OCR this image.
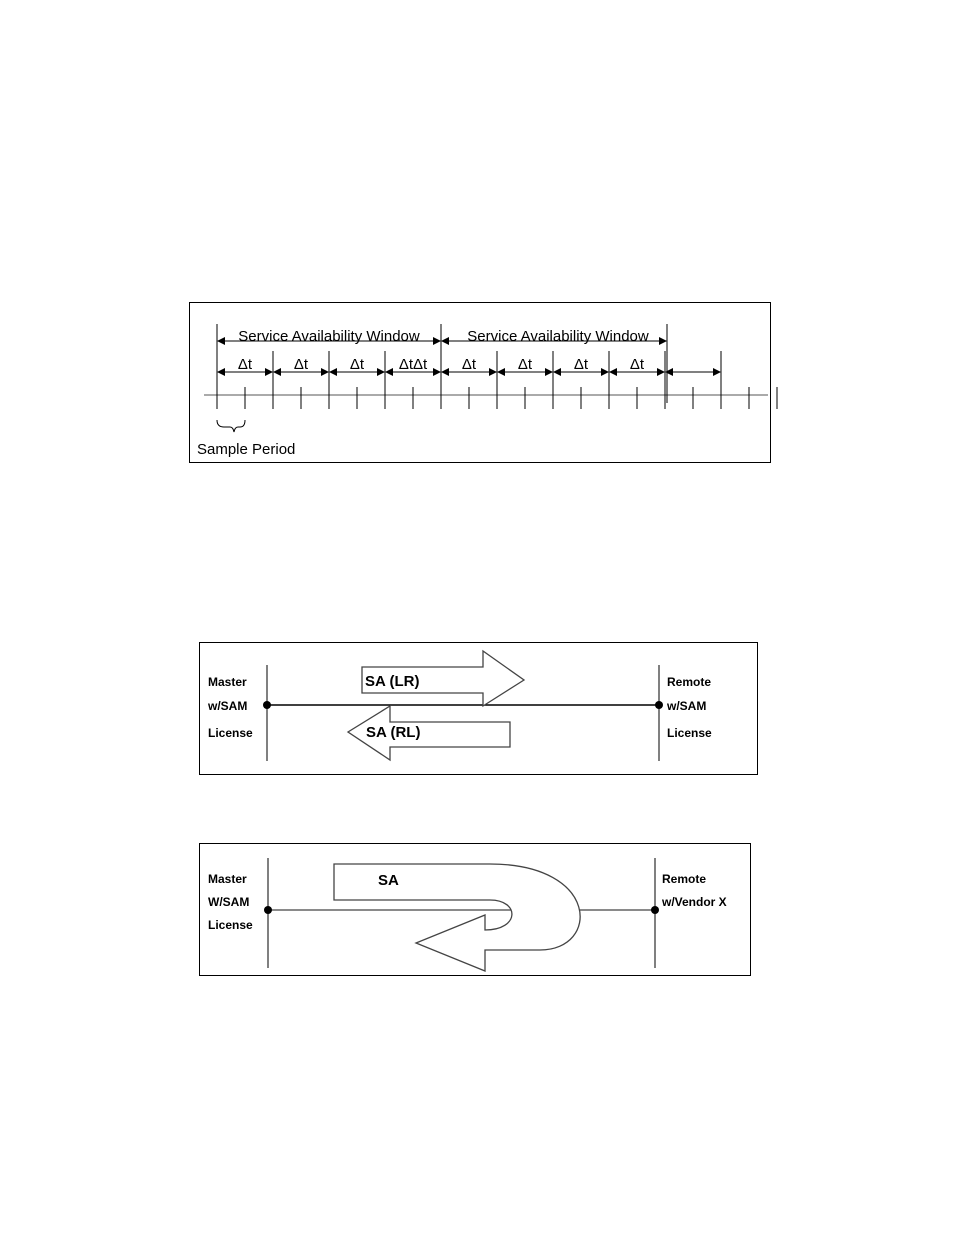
Service Availability Window	Service Availability Window
Δt	Δt	Δt ΔtΔt Δt	Δt	Δt	Δt
Sample Period
Master
w/SAM
License
Remote
w/SAM
License
SA (LR)
SA (RL)
Master
W/SAM
License
Remote
w/Vendor X
SA
